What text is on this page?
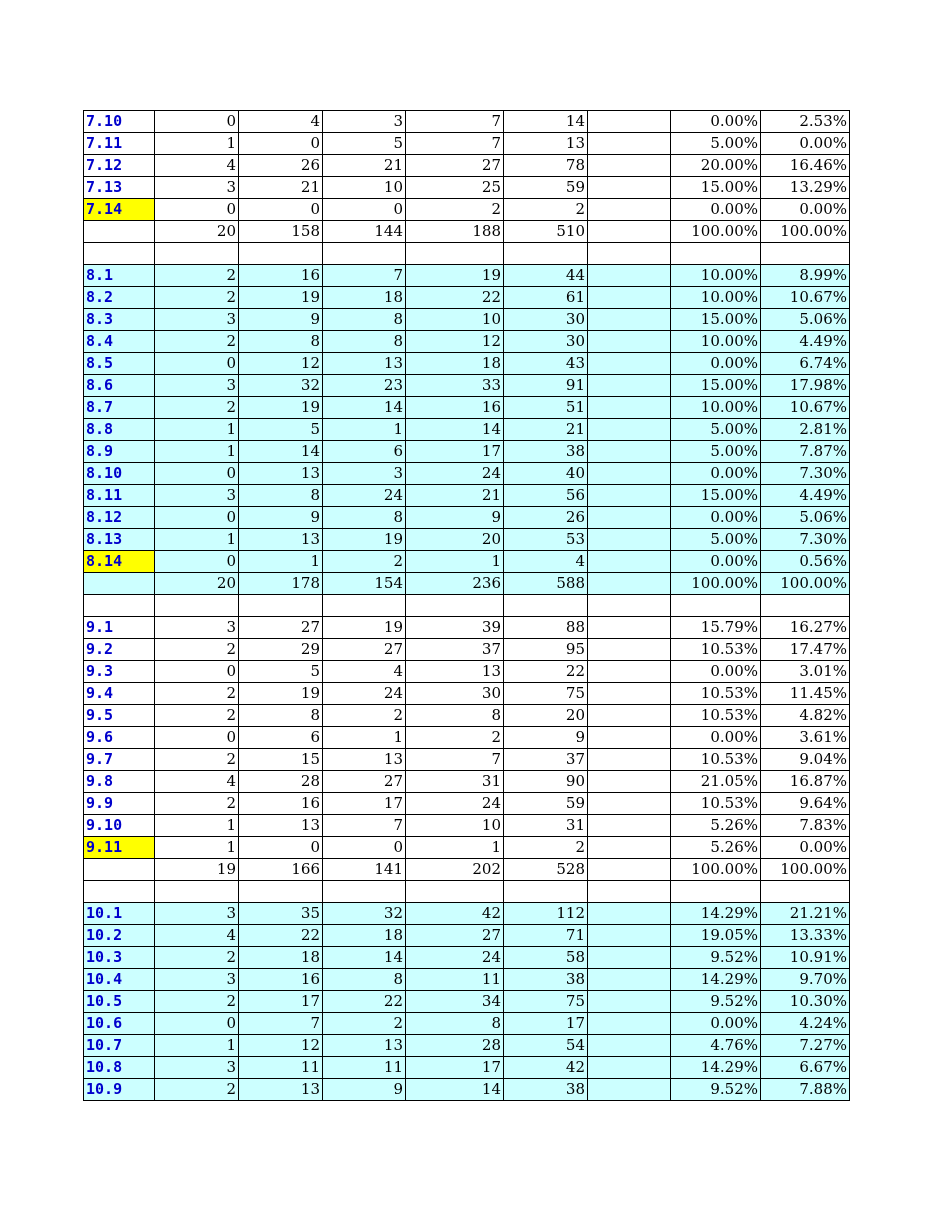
7.10	0	4	3	7	14		0.00%	2.53%
7.11	1	0	5	7	13		5.00%	0.00%
7.12	4	26	21	27	78		20.00%	16.46%
7.13	3	21	10	25	59		15.00%	13.29%
7.14	0	0	0	2	2		0.00%	0.00%
	20	158	144	188	510		100.00%	100.00%

8.1	2	16	7	19	44		10.00%	8.99%
8.2	2	19	18	22	61		10.00%	10.67%
8.3	3	9	8	10	30		15.00%	5.06%
8.4	2	8	8	12	30		10.00%	4.49%
8.5	0	12	13	18	43		0.00%	6.74%
8.6	3	32	23	33	91		15.00%	17.98%
8.7	2	19	14	16	51		10.00%	10.67%
8.8	1	5	1	14	21		5.00%	2.81%
8.9	1	14	6	17	38		5.00%	7.87%
8.10	0	13	3	24	40		0.00%	7.30%
8.11	3	8	24	21	56		15.00%	4.49%
8.12	0	9	8	9	26		0.00%	5.06%
8.13	1	13	19	20	53		5.00%	7.30%
8.14	0	1	2	1	4		0.00%	0.56%
	20	178	154	236	588		100.00%	100.00%

9.1	3	27	19	39	88		15.79%	16.27%
9.2	2	29	27	37	95		10.53%	17.47%
9.3	0	5	4	13	22		0.00%	3.01%
9.4	2	19	24	30	75		10.53%	11.45%
9.5	2	8	2	8	20		10.53%	4.82%
9.6	0	6	1	2	9		0.00%	3.61%
9.7	2	15	13	7	37		10.53%	9.04%
9.8	4	28	27	31	90		21.05%	16.87%
9.9	2	16	17	24	59		10.53%	9.64%
9.10	1	13	7	10	31		5.26%	7.83%
9.11	1	0	0	1	2		5.26%	0.00%
	19	166	141	202	528		100.00%	100.00%

10.1	3	35	32	42	112		14.29%	21.21%
10.2	4	22	18	27	71		19.05%	13.33%
10.3	2	18	14	24	58		9.52%	10.91%
10.4	3	16	8	11	38		14.29%	9.70%
10.5	2	17	22	34	75		9.52%	10.30%
10.6	0	7	2	8	17		0.00%	4.24%
10.7	1	12	13	28	54		4.76%	7.27%
10.8	3	11	11	17	42		14.29%	6.67%
10.9	2	13	9	14	38		9.52%	7.88%
